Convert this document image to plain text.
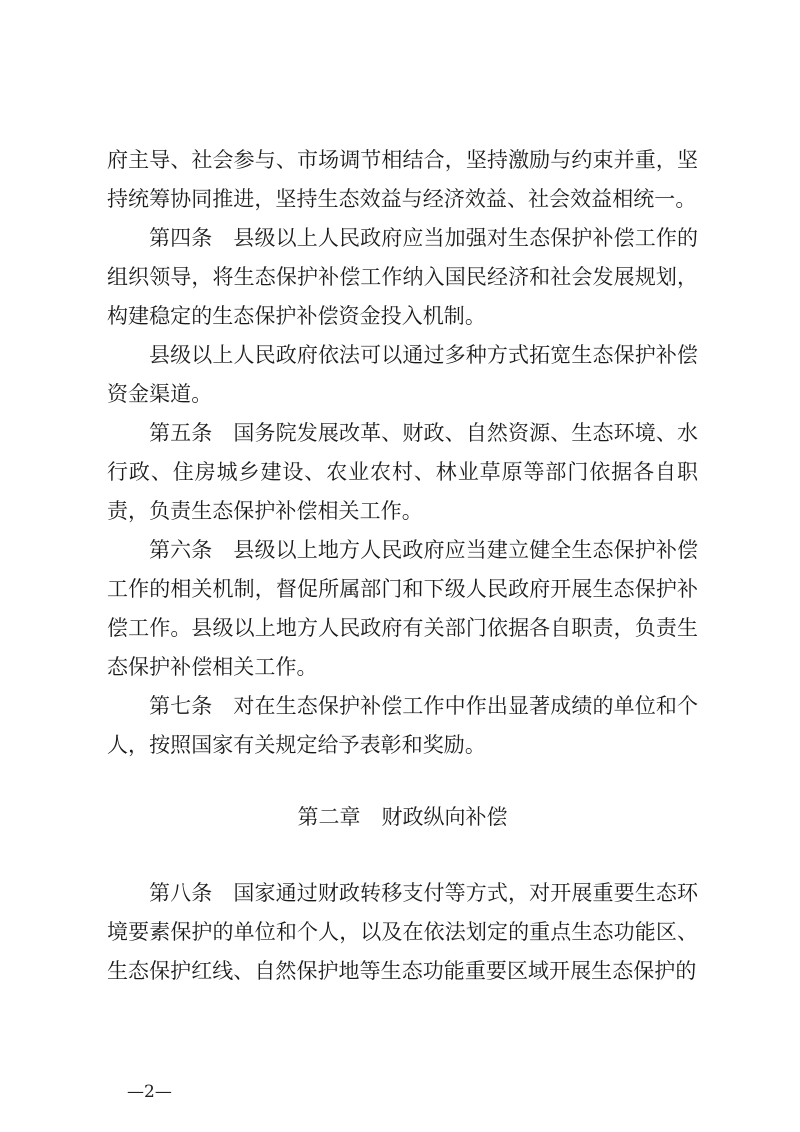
府主导、社会参与、市场调节相结合，坚持激励与约束并重，坚持统筹协同推进，坚持生态效益与经济效益、社会效益相统一。

第四条 县级以上人民政府应当加强对生态保护补偿工作的组织领导，将生态保护补偿工作纳入国民经济和社会发展规划，构建稳定的生态保护补偿资金投入机制。

县级以上人民政府依法可以通过多种方式拓宽生态保护补偿资金渠道。

第五条 国务院发展改革、财政、自然资源、生态环境、水行政、住房城乡建设、农业农村、林业草原等部门依据各自职责，负责生态保护补偿相关工作。

第六条 县级以上地方人民政府应当建立健全生态保护补偿工作的相关机制，督促所属部门和下级人民政府开展生态保护补偿工作。县级以上地方人民政府有关部门依据各自职责，负责生态保护补偿相关工作。

第七条 对在生态保护补偿工作中作出显著成绩的单位和个人，按照国家有关规定给予表彰和奖励。

第二章 财政纵向补偿

第八条 国家通过财政转移支付等方式，对开展重要生态环境要素保护的单位和个人，以及在依法划定的重点生态功能区、生态保护红线、自然保护地等生态功能重要区域开展生态保护的

—2—
